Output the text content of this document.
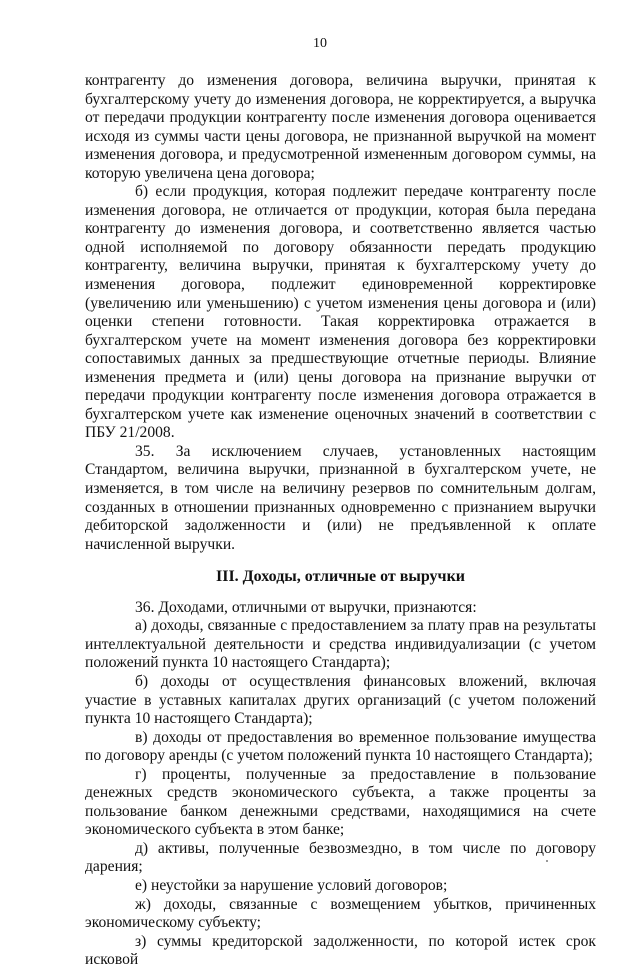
10

контрагенту до изменения договора, величина выручки, принятая к бухгалтерскому учету до изменения договора, не корректируется, а выручка от передачи продукции контрагенту после изменения договора оценивается исходя из суммы части цены договора, не признанной выручкой на момент изменения договора, и предусмотренной измененным договором суммы, на которую увеличена цена договора;

б) если продукция, которая подлежит передаче контрагенту после изменения договора, не отличается от продукции, которая была передана контрагенту до изменения договора, и соответственно является частью одной исполняемой по договору обязанности передать продукцию контрагенту, величина выручки, принятая к бухгалтерскому учету до изменения договора, подлежит единовременной корректировке (увеличению или уменьшению) с учетом изменения цены договора и (или) оценки степени готовности. Такая корректировка отражается в бухгалтерском учете на момент изменения договора без корректировки сопоставимых данных за предшествующие отчетные периоды. Влияние изменения предмета и (или) цены договора на признание выручки от передачи продукции контрагенту после изменения договора отражается в бухгалтерском учете как изменение оценочных значений в соответствии с ПБУ 21/2008.

35. За исключением случаев, установленных настоящим Стандартом, величина выручки, признанной в бухгалтерском учете, не изменяется, в том числе на величину резервов по сомнительным долгам, созданных в отношении признанных одновременно с признанием выручки дебиторской задолженности и (или) не предъявленной к оплате начисленной выручки.

III. Доходы, отличные от выручки

36. Доходами, отличными от выручки, признаются:

а) доходы, связанные с предоставлением за плату прав на результаты интеллектуальной деятельности и средства индивидуализации (с учетом положений пункта 10 настоящего Стандарта);

б) доходы от осуществления финансовых вложений, включая участие в уставных капиталах других организаций (с учетом положений пункта 10 настоящего Стандарта);

в) доходы от предоставления во временное пользование имущества по договору аренды (с учетом положений пункта 10 настоящего Стандарта);

г) проценты, полученные за предоставление в пользование денежных средств экономического субъекта, а также проценты за пользование банком денежными средствами, находящимися на счете экономического субъекта в этом банке;

д) активы, полученные безвозмездно, в том числе по договору дарения;

е) неустойки за нарушение условий договоров;

ж) доходы, связанные с возмещением убытков, причиненных экономическому субъекту;

з) суммы кредиторской задолженности, по которой истек срок исковой
